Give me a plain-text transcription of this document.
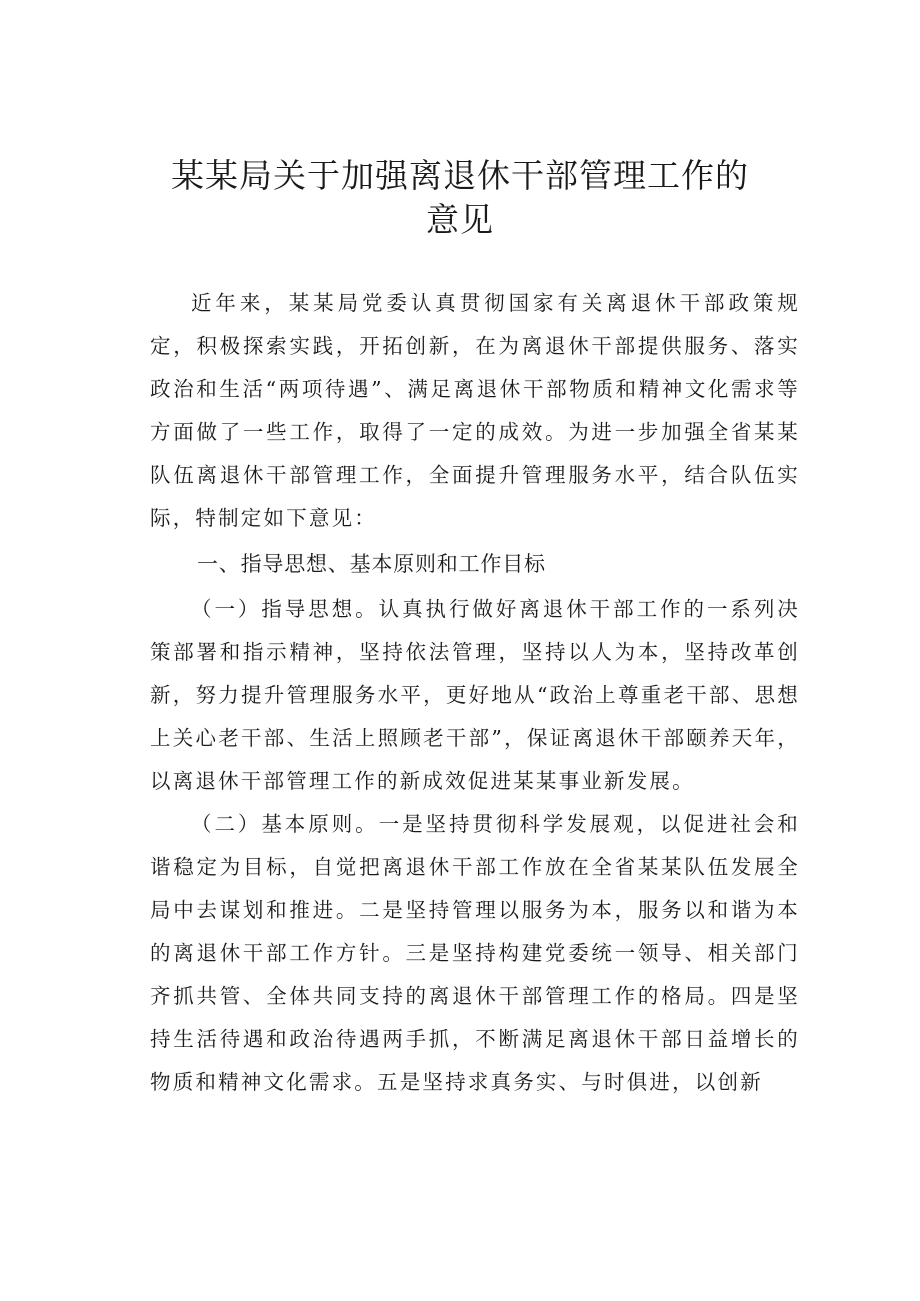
某某局关于加强离退休干部管理工作的
意见

近年来，某某局党委认真贯彻国家有关离退休干部政策规定，积极探索实践，开拓创新，在为离退休干部提供服务、落实政治和生活“两项待遇”、满足离退休干部物质和精神文化需求等方面做了一些工作，取得了一定的成效。为进一步加强全省某某队伍离退休干部管理工作，全面提升管理服务水平，结合队伍实际，特制定如下意见：

一、指导思想、基本原则和工作目标

（一）指导思想。认真执行做好离退休干部工作的一系列决策部署和指示精神，坚持依法管理，坚持以人为本，坚持改革创新，努力提升管理服务水平，更好地从“政治上尊重老干部、思想上关心老干部、生活上照顾老干部”，保证离退休干部颐养天年，以离退休干部管理工作的新成效促进某某事业新发展。

（二）基本原则。一是坚持贯彻科学发展观，以促进社会和谐稳定为目标，自觉把离退休干部工作放在全省某某队伍发展全局中去谋划和推进。二是坚持管理以服务为本，服务以和谐为本的离退休干部工作方针。三是坚持构建党委统一领导、相关部门齐抓共管、全体共同支持的离退休干部管理工作的格局。四是坚持生活待遇和政治待遇两手抓，不断满足离退休干部日益增长的物质和精神文化需求。五是坚持求真务实、与时俱进，以创新
